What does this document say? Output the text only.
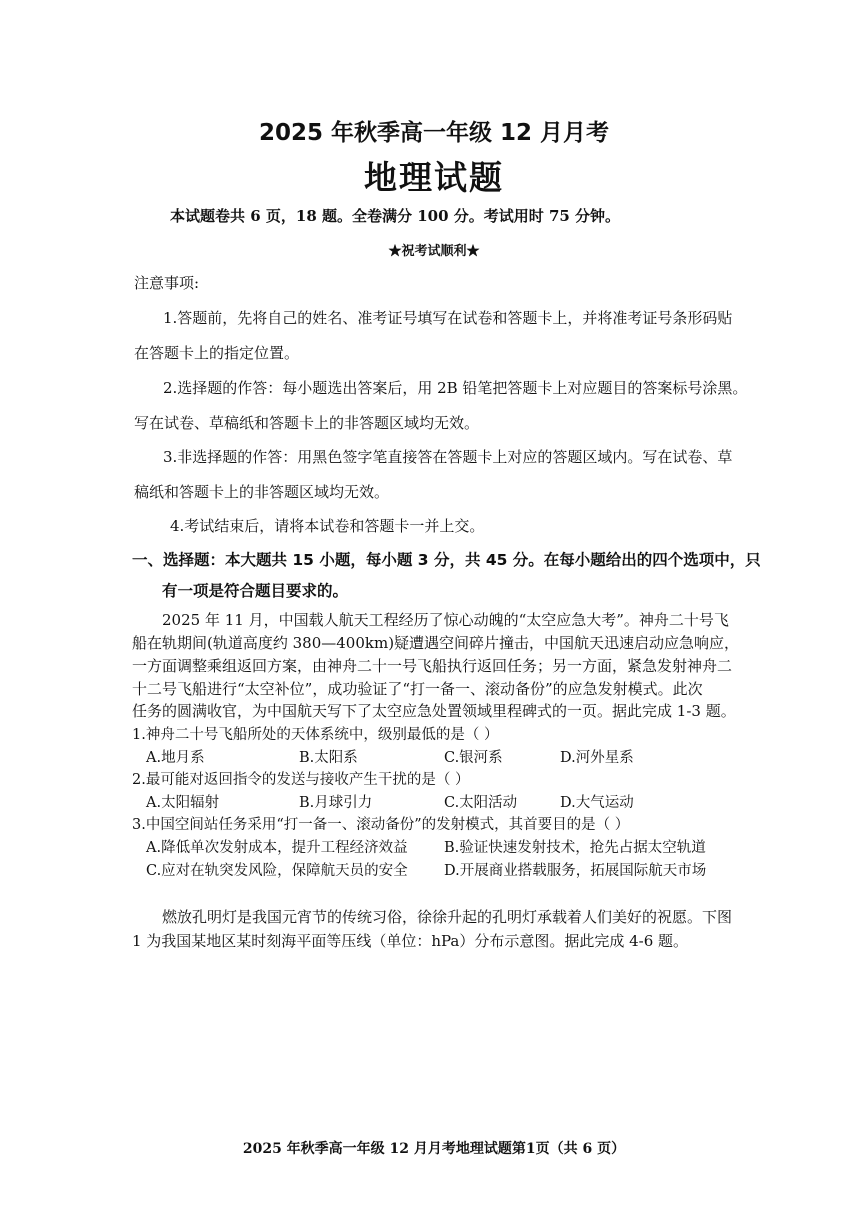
2025 年秋季高一年级 12 月月考
地理试题
本试题卷共 6 页，18 题。全卷满分 100 分。考试用时 75 分钟。
★祝考试顺利★
注意事项:
1.答题前，先将自己的姓名、准考证号填写在试卷和答题卡上，并将准考证号条形码贴
在答题卡上的指定位置。
2.选择题的作答：每小题选出答案后，用 2B 铅笔把答题卡上对应题目的答案标号涂黑。
写在试卷、草稿纸和答题卡上的非答题区域均无效。
3.非选择题的作答：用黑色签字笔直接答在答题卡上对应的答题区域内。写在试卷、草
稿纸和答题卡上的非答题区域均无效。
4.考试结束后，请将本试卷和答题卡一并上交。
一、选择题：本大题共 15 小题，每小题 3 分，共 45 分。在每小题给出的四个选项中，只
有一项是符合题目要求的。
2025 年 11 月，中国载人航天工程经历了惊心动魄的“太空应急大考”。神舟二十号飞
船在轨期间(轨道高度约 380—400km)疑遭遇空间碎片撞击，中国航天迅速启动应急响应，
一方面调整乘组返回方案，由神舟二十一号飞船执行返回任务；另一方面，紧急发射神舟二
十二号飞船进行“太空补位”，成功验证了“打一备一、滚动备份”的应急发射模式。此次
任务的圆满收官，为中国航天写下了太空应急处置领域里程碑式的一页。据此完成 1-3 题。
1.神舟二十号飞船所处的天体系统中，级别最低的是（ ）
A.地月系	B.太阳系	C.银河系	D.河外星系
2.最可能对返回指令的发送与接收产生干扰的是（ ）
A.太阳辐射	B.月球引力	C.太阳活动	D.大气运动
3.中国空间站任务采用“打一备一、滚动备份”的发射模式，其首要目的是（ ）
A.降低单次发射成本，提升工程经济效益	B.验证快速发射技术，抢先占据太空轨道
C.应对在轨突发风险，保障航天员的安全	D.开展商业搭载服务，拓展国际航天市场
燃放孔明灯是我国元宵节的传统习俗，徐徐升起的孔明灯承载着人们美好的祝愿。下图
1 为我国某地区某时刻海平面等压线（单位：hPa）分布示意图。据此完成 4-6 题。
2025 年秋季高一年级 12 月月考地理试题第1页（共 6 页）
